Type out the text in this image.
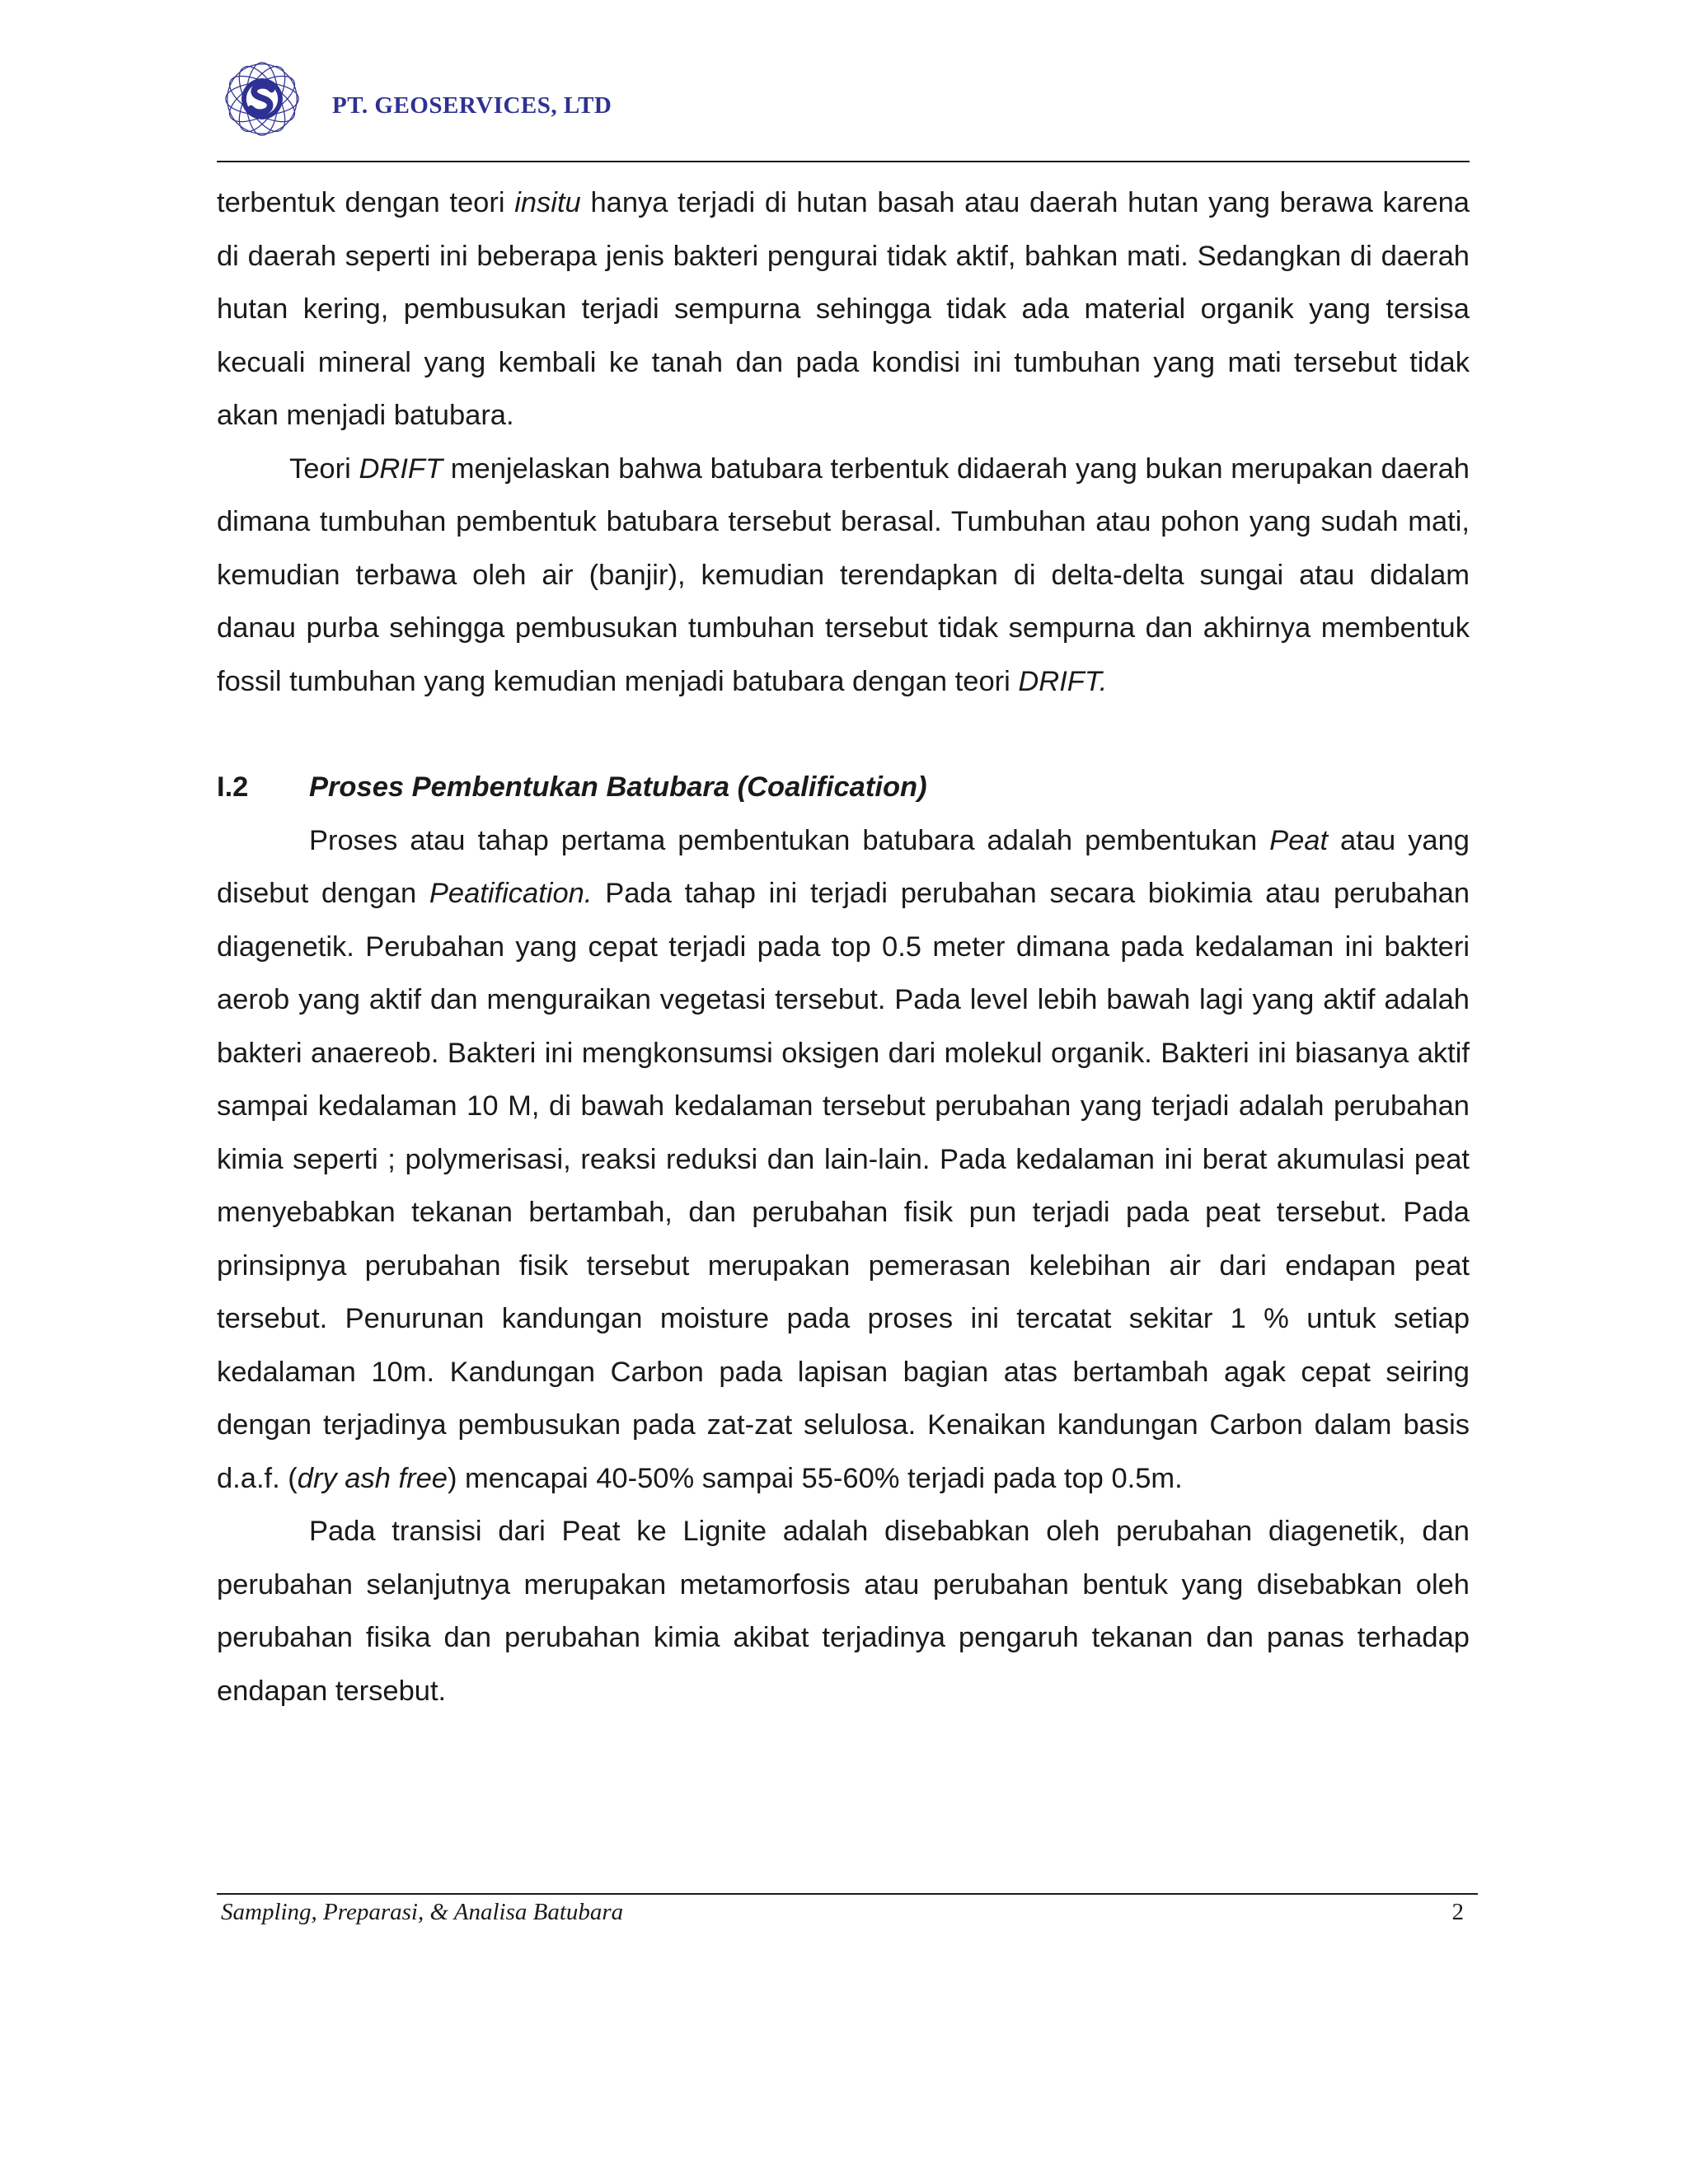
PT. GEOSERVICES, LTD

terbentuk dengan teori insitu hanya terjadi di hutan basah atau daerah hutan yang berawa karena di daerah seperti ini beberapa jenis bakteri pengurai tidak aktif, bahkan mati. Sedangkan di daerah hutan kering, pembusukan terjadi sempurna sehingga tidak ada material organik yang tersisa kecuali mineral yang kembali ke tanah dan pada kondisi ini tumbuhan yang mati tersebut tidak akan menjadi batubara.

Teori DRIFT menjelaskan bahwa batubara terbentuk didaerah yang bukan merupakan daerah dimana tumbuhan pembentuk batubara tersebut berasal. Tumbuhan atau pohon yang sudah mati, kemudian terbawa oleh air (banjir), kemudian terendapkan di delta-delta sungai atau didalam danau purba sehingga pembusukan tumbuhan tersebut tidak sempurna dan akhirnya membentuk fossil tumbuhan yang kemudian menjadi batubara dengan teori DRIFT.

I.2	Proses Pembentukan Batubara (Coalification)

Proses atau tahap pertama pembentukan batubara adalah pembentukan Peat atau yang disebut dengan Peatification. Pada tahap ini terjadi perubahan secara biokimia atau perubahan diagenetik. Perubahan yang cepat terjadi pada top 0.5 meter dimana pada kedalaman ini bakteri aerob yang aktif dan menguraikan vegetasi tersebut. Pada level lebih bawah lagi yang aktif adalah bakteri anaereob. Bakteri ini mengkonsumsi oksigen dari molekul organik. Bakteri ini biasanya aktif sampai kedalaman 10 M, di bawah kedalaman tersebut perubahan yang terjadi adalah perubahan kimia seperti ; polymerisasi, reaksi reduksi dan lain-lain. Pada kedalaman ini berat akumulasi peat menyebabkan tekanan bertambah, dan perubahan fisik pun terjadi pada peat tersebut. Pada prinsipnya perubahan fisik tersebut merupakan pemerasan kelebihan air dari endapan peat tersebut. Penurunan kandungan moisture pada proses ini tercatat sekitar 1 % untuk setiap kedalaman 10m. Kandungan Carbon pada lapisan bagian atas bertambah agak cepat seiring dengan terjadinya pembusukan pada zat-zat selulosa. Kenaikan kandungan Carbon dalam basis d.a.f. (dry ash free) mencapai 40-50% sampai 55-60% terjadi pada top 0.5m.

Pada transisi dari Peat ke Lignite adalah disebabkan oleh perubahan diagenetik, dan perubahan selanjutnya merupakan metamorfosis atau perubahan bentuk yang disebabkan oleh perubahan fisika dan perubahan kimia akibat terjadinya pengaruh tekanan dan panas terhadap endapan tersebut.

Sampling, Preparasi, & Analisa Batubara	2
